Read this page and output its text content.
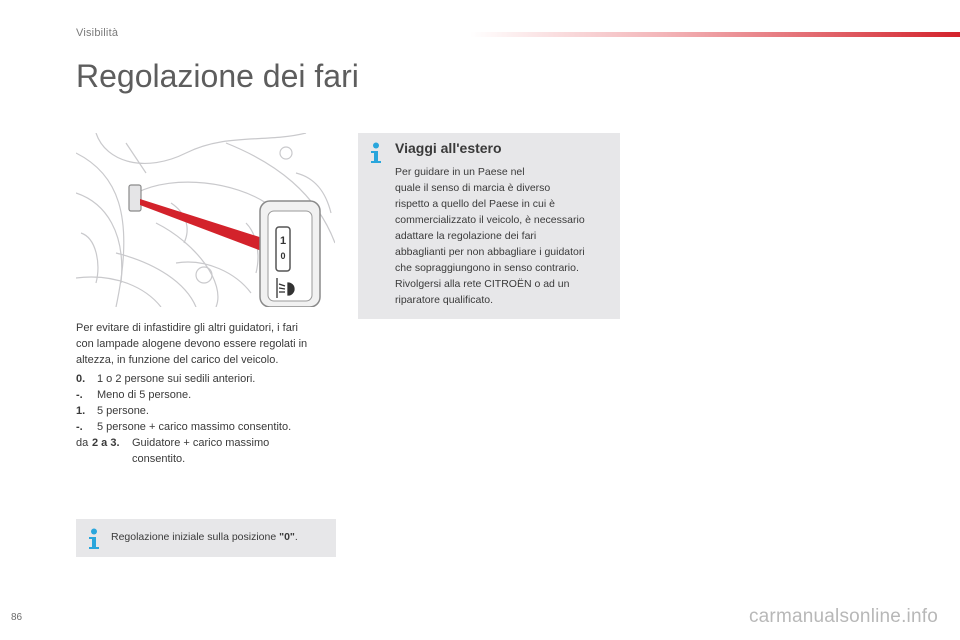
Visibilità
Regolazione dei fari
1
0
Per evitare di infastidire gli altri guidatori, i fari
con lampade alogene devono essere regolati in
altezza, in funzione del carico del veicolo.
0. 1 o 2 persone sui sedili anteriori.
-. Meno di 5 persone.
1. 5 persone.
-. 5 persone + carico massimo consentito.
da 2 a 3. Guidatore + carico massimo
consentito.
Regolazione iniziale sulla posizione "0".
Viaggi all'estero
Per guidare in un Paese nel
quale il senso di marcia è diverso
rispetto a quello del Paese in cui è
commercializzato il veicolo, è necessario
adattare la regolazione dei fari
abbaglianti per non abbagliare i guidatori
che sopraggiungono in senso contrario.
Rivolgersi alla rete CITROËN o ad un
riparatore qualificato.
86	carmanualsonline.info
